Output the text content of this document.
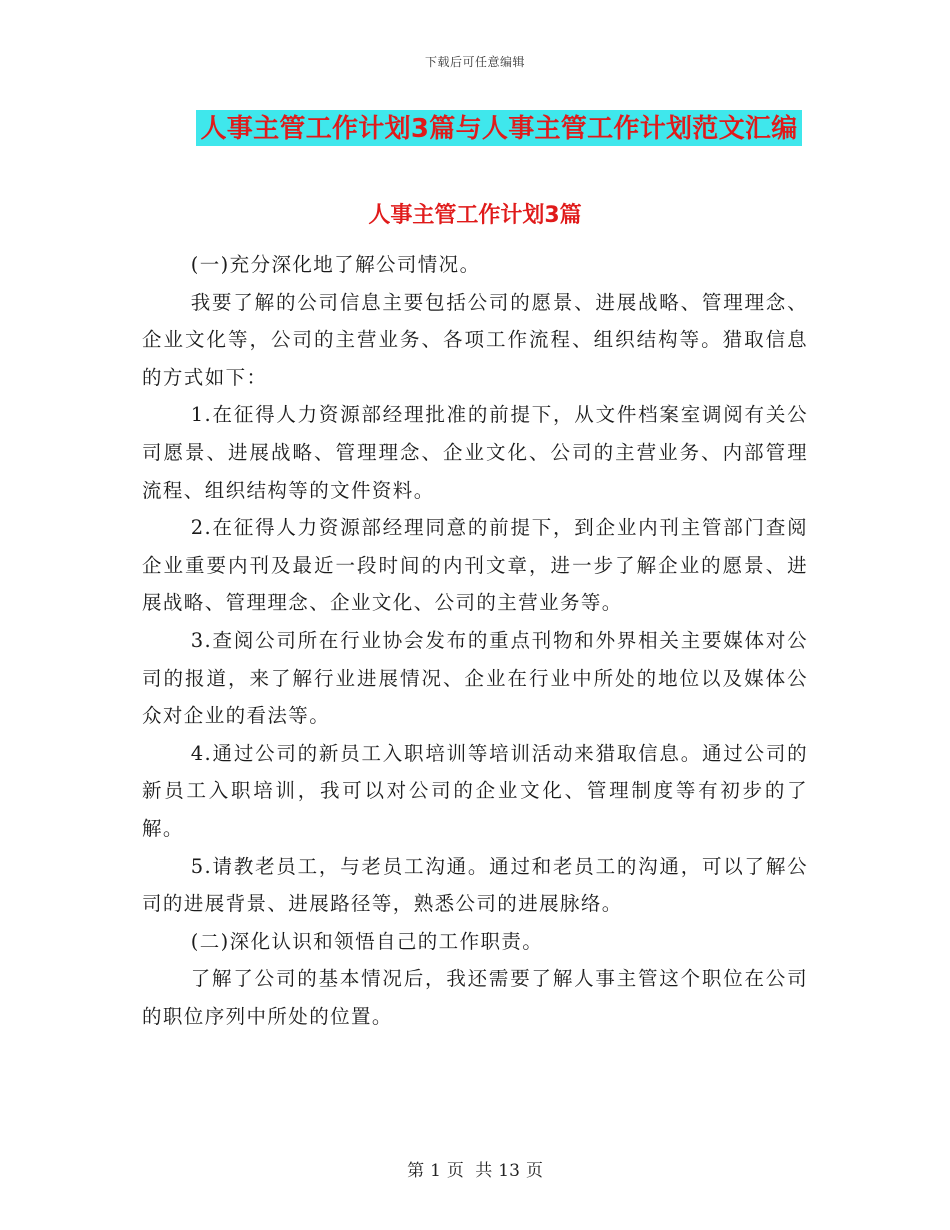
下载后可任意编辑
人事主管工作计划3篇与人事主管工作计划范文汇编
人事主管工作计划3篇

(一)充分深化地了解公司情况。

我要了解的公司信息主要包括公司的愿景、进展战略、管理理念、企业文化等，公司的主营业务、各项工作流程、组织结构等。猎取信息的方式如下：

1.在征得人力资源部经理批准的前提下，从文件档案室调阅有关公司愿景、进展战略、管理理念、企业文化、公司的主营业务、内部管理流程、组织结构等的文件资料。

2.在征得人力资源部经理同意的前提下，到企业内刊主管部门查阅企业重要内刊及最近一段时间的内刊文章，进一步了解企业的愿景、进展战略、管理理念、企业文化、公司的主营业务等。

3.查阅公司所在行业协会发布的重点刊物和外界相关主要媒体对公司的报道，来了解行业进展情况、企业在行业中所处的地位以及媒体公众对企业的看法等。

4.通过公司的新员工入职培训等培训活动来猎取信息。通过公司的新员工入职培训，我可以对公司的企业文化、管理制度等有初步的了解。

5.请教老员工，与老员工沟通。通过和老员工的沟通，可以了解公司的进展背景、进展路径等，熟悉公司的进展脉络。

(二)深化认识和领悟自己的工作职责。

了解了公司的基本情况后，我还需要了解人事主管这个职位在公司的职位序列中所处的位置。

第 1 页 共 13 页
